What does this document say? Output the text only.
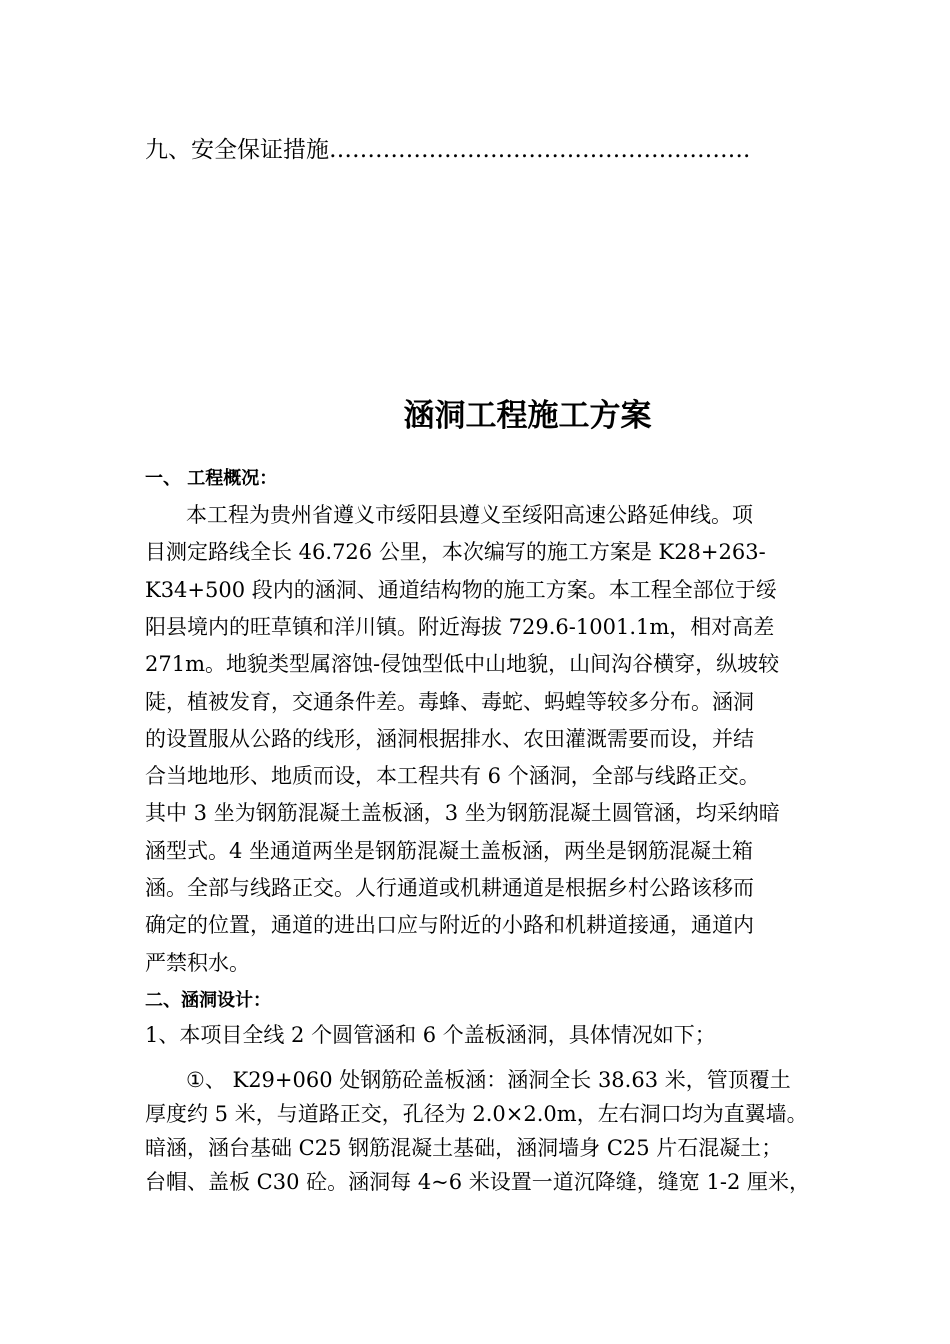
九、安全保证措施……………………………………………….
涵洞工程施工方案
一、 工程概况：
本工程为贵州省遵义市绥阳县遵义至绥阳高速公路延伸线。项
目测定路线全长 46.726 公里，本次编写的施工方案是 K28+263-
K34+500 段内的涵洞、通道结构物的施工方案。本工程全部位于绥
阳县境内的旺草镇和洋川镇。附近海拔 729.6-1001.1m，相对高差
271m。地貌类型属溶蚀-侵蚀型低中山地貌，山间沟谷横穿，纵坡较
陡，植被发育，交通条件差。毒蜂、毒蛇、蚂蝗等较多分布。涵洞
的设置服从公路的线形，涵洞根据排水、农田灌溉需要而设，并结
合当地地形、地质而设，本工程共有 6 个涵洞，全部与线路正交。
其中 3 坐为钢筋混凝土盖板涵，3 坐为钢筋混凝土圆管涵，均采纳暗
涵型式。4 坐通道两坐是钢筋混凝土盖板涵，两坐是钢筋混凝土箱
涵。全部与线路正交。人行通道或机耕通道是根据乡村公路该移而
确定的位置，通道的进出口应与附近的小路和机耕道接通，通道内
严禁积水。
二、涵洞设计：
1、本项目全线 2 个圆管涵和 6 个盖板涵洞，具体情况如下；
①、 K29+060 处钢筋砼盖板涵：涵洞全长 38.63 米，管顶覆土
厚度约 5 米，与道路正交，孔径为 2.0×2.0m，左右洞口均为直翼墙。
暗涵，涵台基础 C25 钢筋混凝土基础，涵洞墙身 C25 片石混凝土；
台帽、盖板 C30 砼。涵洞每 4~6 米设置一道沉降缝，缝宽 1-2 厘米，
